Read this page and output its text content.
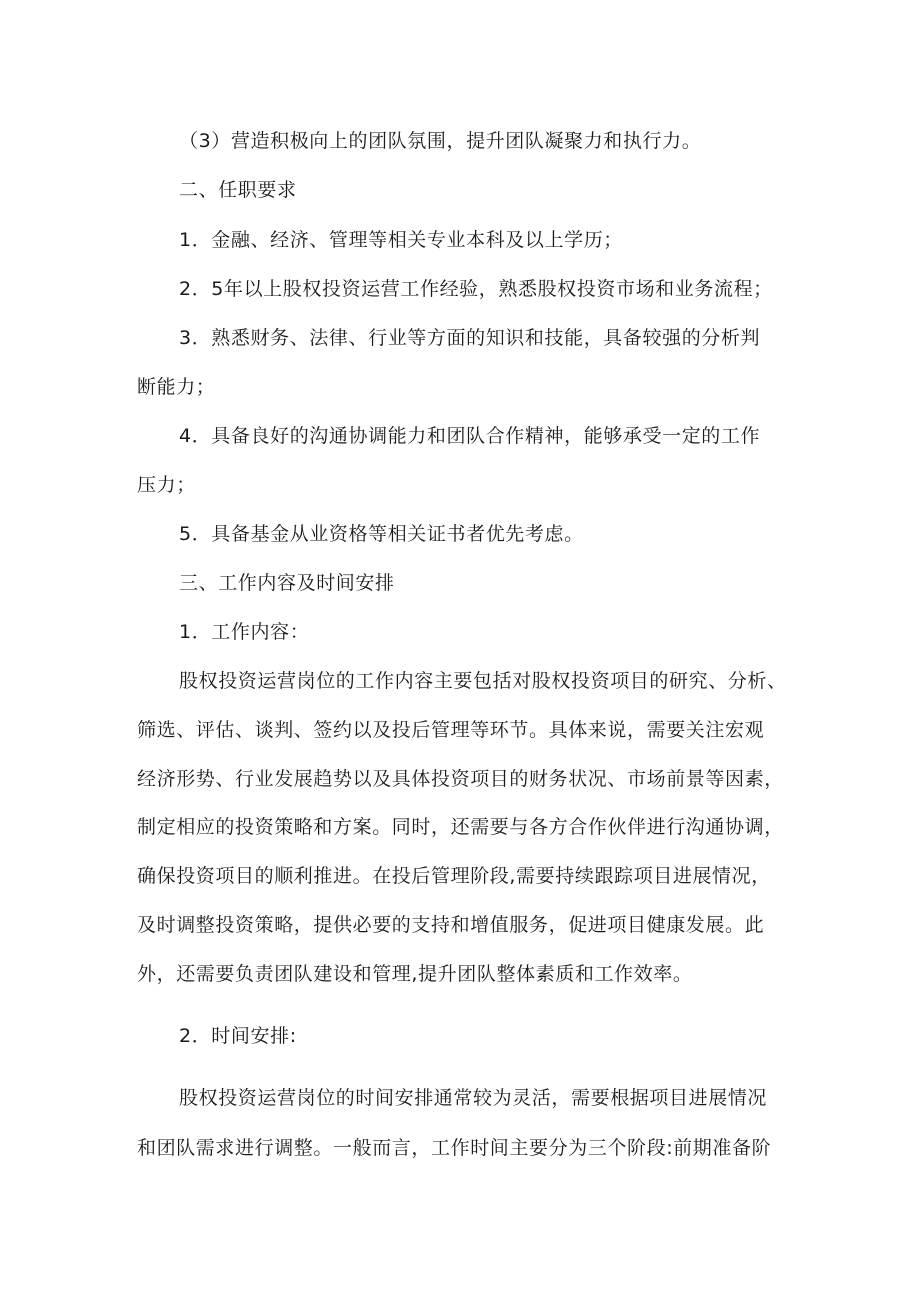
（3）营造积极向上的团队氛围，提升团队凝聚力和执行力。
二、任职要求
1．金融、经济、管理等相关专业本科及以上学历；
2．5年以上股权投资运营工作经验，熟悉股权投资市场和业务流程；
3．熟悉财务、法律、行业等方面的知识和技能，具备较强的分析判
断能力；
4．具备良好的沟通协调能力和团队合作精神，能够承受一定的工作
压力；
5．具备基金从业资格等相关证书者优先考虑。
三、工作内容及时间安排
1．工作内容：
股权投资运营岗位的工作内容主要包括对股权投资项目的研究、分析、
筛选、评估、谈判、签约以及投后管理等环节。具体来说，需要关注宏观
经济形势、行业发展趋势以及具体投资项目的财务状况、市场前景等因素，
制定相应的投资策略和方案。同时，还需要与各方合作伙伴进行沟通协调，
确保投资项目的顺利推进。在投后管理阶段,需要持续跟踪项目进展情况，
及时调整投资策略，提供必要的支持和增值服务，促进项目健康发展。此
外，还需要负责团队建设和管理,提升团队整体素质和工作效率。
2．时间安排:
股权投资运营岗位的时间安排通常较为灵活，需要根据项目进展情况
和团队需求进行调整。一般而言，工作时间主要分为三个阶段:前期准备阶
